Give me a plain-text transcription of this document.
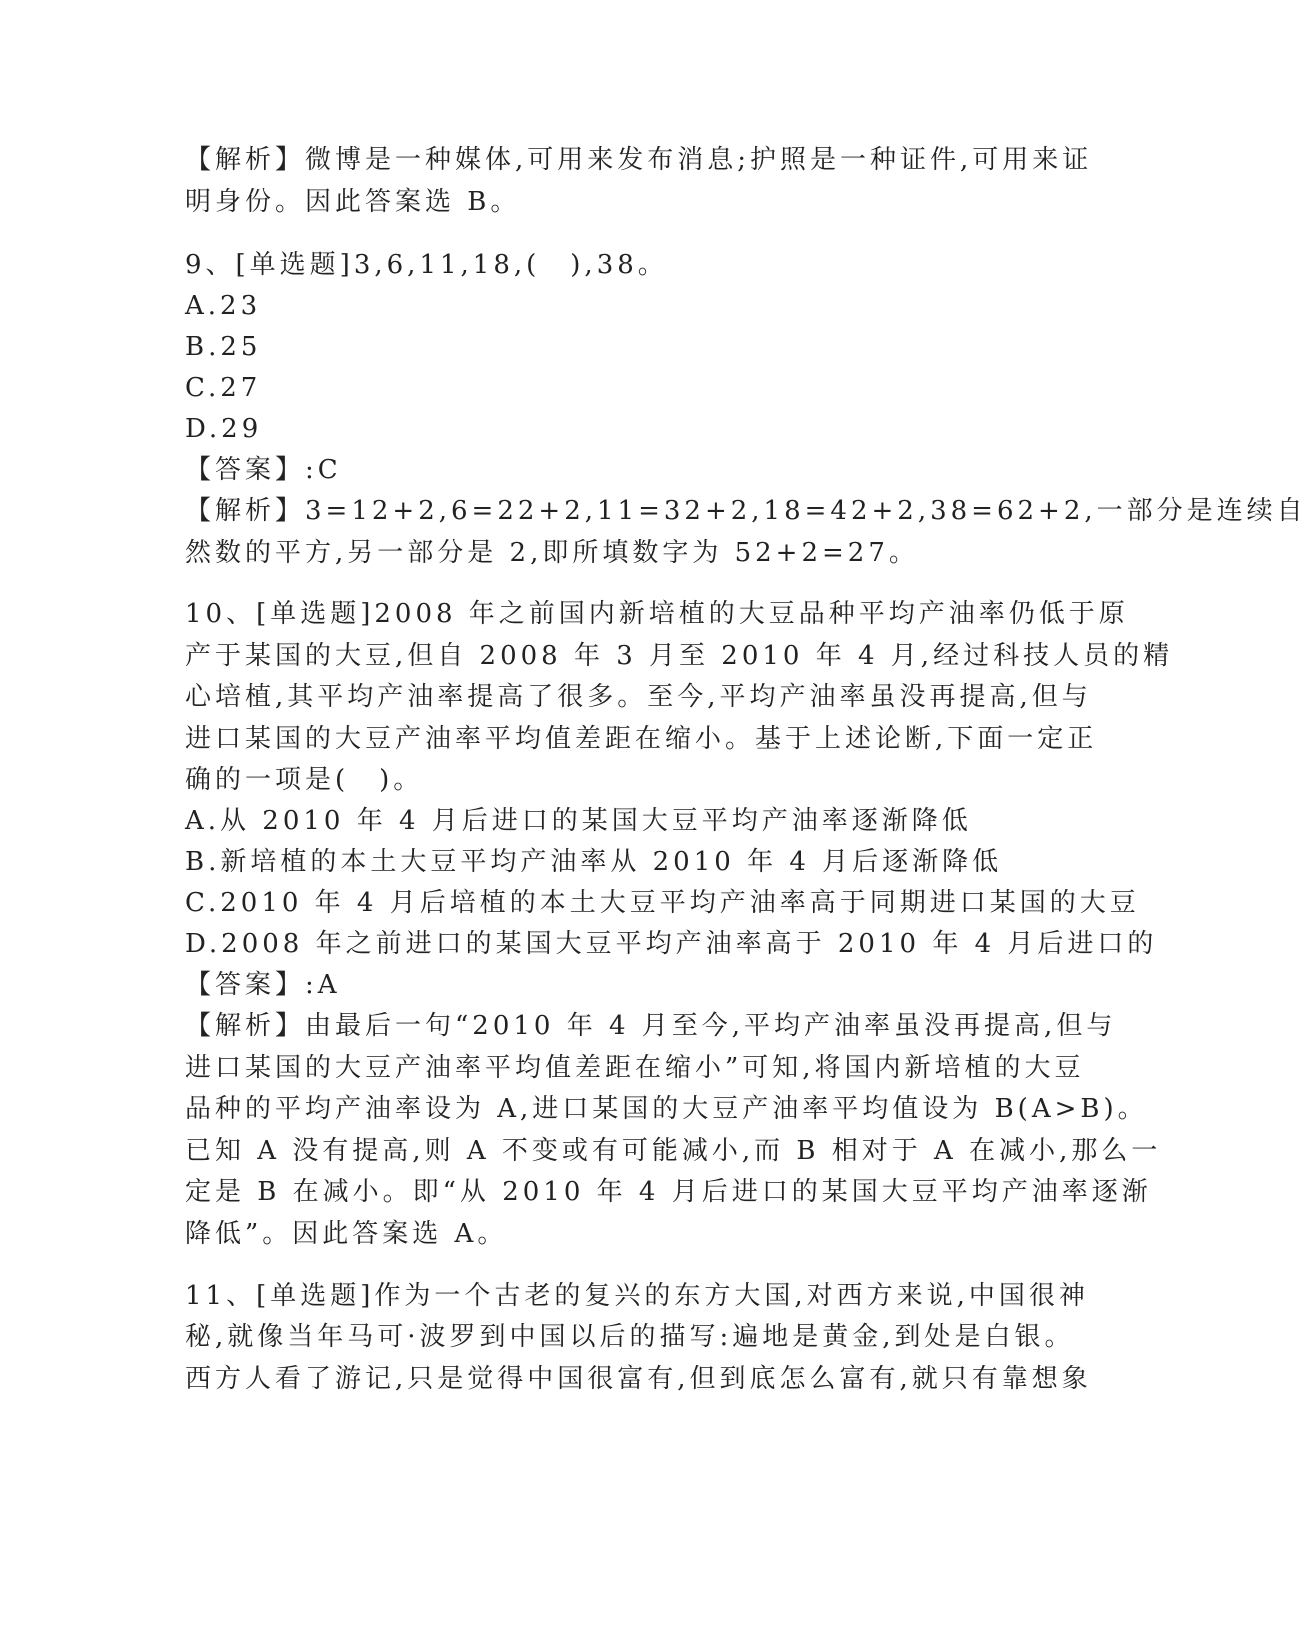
【解析】微博是一种媒体,可用来发布消息;护照是一种证件,可用来证
明身份。因此答案选 B。
9、[单选题]3,6,11,18,(　),38。
A.23
B.25
C.27
D.29
【答案】:C
【解析】3=12+2,6=22+2,11=32+2,18=42+2,38=62+2,一部分是连续自
然数的平方,另一部分是 2,即所填数字为 52+2=27。
10、[单选题]2008 年之前国内新培植的大豆品种平均产油率仍低于原
产于某国的大豆,但自 2008 年 3 月至 2010 年 4 月,经过科技人员的精
心培植,其平均产油率提高了很多。至今,平均产油率虽没再提高,但与
进口某国的大豆产油率平均值差距在缩小。基于上述论断,下面一定正
确的一项是(　)。
A.从 2010 年 4 月后进口的某国大豆平均产油率逐渐降低
B.新培植的本土大豆平均产油率从 2010 年 4 月后逐渐降低
C.2010 年 4 月后培植的本土大豆平均产油率高于同期进口某国的大豆
D.2008 年之前进口的某国大豆平均产油率高于 2010 年 4 月后进口的
【答案】:A
【解析】由最后一句“2010 年 4 月至今,平均产油率虽没再提高,但与
进口某国的大豆产油率平均值差距在缩小”可知,将国内新培植的大豆
品种的平均产油率设为 A,进口某国的大豆产油率平均值设为 B(A>B)。
已知 A 没有提高,则 A 不变或有可能减小,而 B 相对于 A 在减小,那么一
定是 B 在减小。即“从 2010 年 4 月后进口的某国大豆平均产油率逐渐
降低”。因此答案选 A。
11、[单选题]作为一个古老的复兴的东方大国,对西方来说,中国很神
秘,就像当年马可·波罗到中国以后的描写:遍地是黄金,到处是白银。
西方人看了游记,只是觉得中国很富有,但到底怎么富有,就只有靠想象
